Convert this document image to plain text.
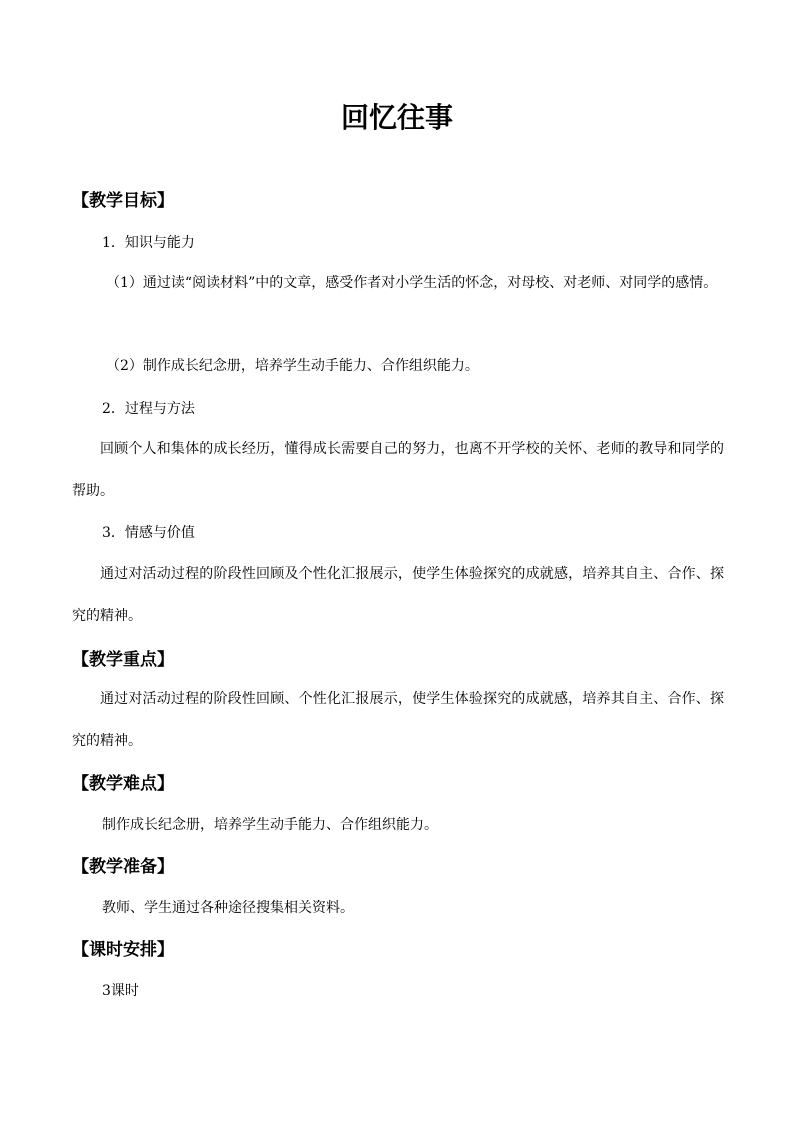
回忆往事
【教学目标】
1．知识与能力
（1）通过读“阅读材料”中的文章，感受作者对小学生活的怀念，对母校、对老师、对同学的感情。
（2）制作成长纪念册，培养学生动手能力、合作组织能力。
2．过程与方法
回顾个人和集体的成长经历，懂得成长需要自己的努力，也离不开学校的关怀、老师的教导和同学的帮助。
3．情感与价值
通过对活动过程的阶段性回顾及个性化汇报展示，使学生体验探究的成就感，培养其自主、合作、探究的精神。
【教学重点】
通过对活动过程的阶段性回顾、个性化汇报展示，使学生体验探究的成就感，培养其自主、合作、探究的精神。
【教学难点】
制作成长纪念册，培养学生动手能力、合作组织能力。
【教学准备】
教师、学生通过各种途径搜集相关资料。
【课时安排】
3课时
